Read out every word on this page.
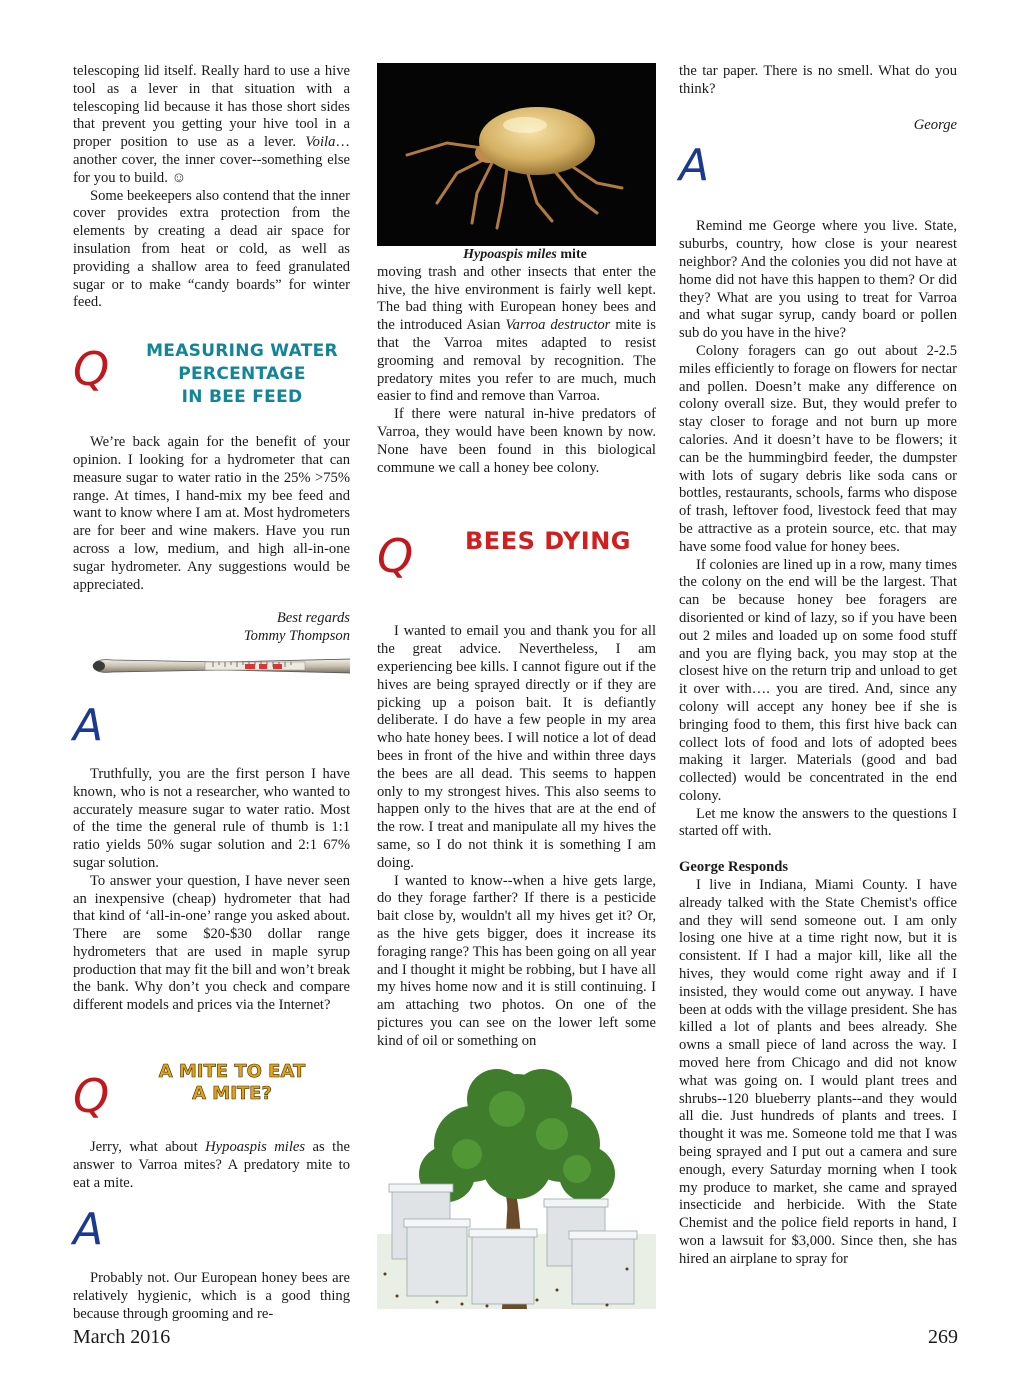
telescoping lid itself. Really hard to use a hive tool as a lever in that situation with a telescoping lid because it has those short sides that prevent you getting your hive tool in a proper position to use as a lever. Voila…another cover, the inner cover--something else for you to build. ☺

Some beekeepers also contend that the inner cover provides extra protection from the elements by creating a dead air space for insulation from heat or cold, as well as providing a shallow area to feed granulated sugar or to make “candy boards” for winter feed.

Q	MEASURING WATER
PERCENTAGE
IN BEE FEED

We’re back again for the benefit of your opinion. I looking for a hydrometer that can measure sugar to water ratio in the 25% >75% range. At times, I hand-mix my bee feed and want to know where I am at. Most hydrometers are for beer and wine makers. Have you run across a low, medium, and high all-in-one sugar hydrometer. Any suggestions would be appreciated.

Best regards

Tommy Thompson

A

Truthfully, you are the first person I have known, who is not a researcher, who wanted to accurately measure sugar to water ratio. Most of the time the general rule of thumb is 1:1 ratio yields 50% sugar solution and 2:1 67% sugar solution.

To answer your question, I have never seen an inexpensive (cheap) hydrometer that had that kind of ‘all-in-one’ range you asked about. There are some $20-$30 dollar range hydrometers that are used in maple syrup production that may fit the bill and won’t break the bank. Why don’t you check and compare different models and prices via the Internet?

Q	A MITE TO EAT
A MITE?

Jerry, what about Hypoaspis miles as the answer to Varroa mites? A predatory mite to eat a mite.

A

Probably not. Our European honey bees are relatively hygienic, which is a good thing because through grooming and re-

Hypoaspis miles mite

moving trash and other insects that enter the hive, the hive environment is fairly well kept. The bad thing with European honey bees and the introduced Asian Varroa destructor mite is that the Varroa mites adapted to resist grooming and removal by recognition. The predatory mites you refer to are much, much easier to find and remove than Varroa.

If there were natural in-hive predators of Varroa, they would have been known by now. None have been found in this biological commune we call a honey bee colony.

Q BEES DYING

I wanted to email you and thank you for all the great advice. Nevertheless, I am experiencing bee kills. I cannot figure out if the hives are being sprayed directly or if they are picking up a poison bait. It is defiantly deliberate. I do have a few people in my area who hate honey bees. I will notice a lot of dead bees in front of the hive and within three days the bees are all dead. This seems to happen only to my strongest hives. This also seems to happen only to the hives that are at the end of the row. I treat and manipulate all my hives the same, so I do not think it is something I am doing.

I wanted to know--when a hive gets large, do they forage farther? If there is a pesticide bait close by, wouldn't all my hives get it? Or, as the hive gets bigger, does it increase its foraging range? This has been going on all year and I thought it might be robbing, but I have all my hives home now and it is still continuing. I am attaching two photos. On one of the pictures you can see on the lower left some kind of oil or something on

the tar paper. There is no smell. What do you think?

George

A

Remind me George where you live. State, suburbs, country, how close is your nearest neighbor? And the colonies you did not have at home did not have this happen to them? Or did they? What are you using to treat for Varroa and what sugar syrup, candy board or pollen sub do you have in the hive?

Colony foragers can go out about 2-2.5 miles efficiently to forage on flowers for nectar and pollen. Doesn’t make any difference on colony overall size. But, they would prefer to stay closer to forage and not burn up more calories. And it doesn’t have to be flowers; it can be the hummingbird feeder, the dumpster with lots of sugary debris like soda cans or bottles, restaurants, schools, farms who dispose of trash, leftover food, livestock feed that may be attractive as a protein source, etc. that may have some food value for honey bees.

If colonies are lined up in a row, many times the colony on the end will be the largest. That can be because honey bee foragers are disoriented or kind of lazy, so if you have been out 2 miles and loaded up on some food stuff and you are flying back, you may stop at the closest hive on the return trip and unload to get it over with…. you are tired. And, since any colony will accept any honey bee if she is bringing food to them, this first hive back can collect lots of food and lots of adopted bees making it larger. Materials (good and bad collected) would be concentrated in the end colony.

Let me know the answers to the questions I started off with.

George Responds

I live in Indiana, Miami County. I have already talked with the State Chemist's office and they will send someone out. I am only losing one hive at a time right now, but it is consistent. If I had a major kill, like all the hives, they would come right away and if I insisted, they would come out anyway. I have been at odds with the village president. She has killed a lot of plants and bees already. She owns a small piece of land across the way. I moved here from Chicago and did not know what was going on. I would plant trees and shrubs--120 blueberry plants--and they would all die. Just hundreds of plants and trees. I thought it was me. Someone told me that I was being sprayed and I put out a camera and sure enough, every Saturday morning when I took my produce to market, she came and sprayed insecticide and herbicide. With the State Chemist and the police field reports in hand, I won a lawsuit for $3,000. Since then, she has hired an airplane to spray for

March 2016	269
